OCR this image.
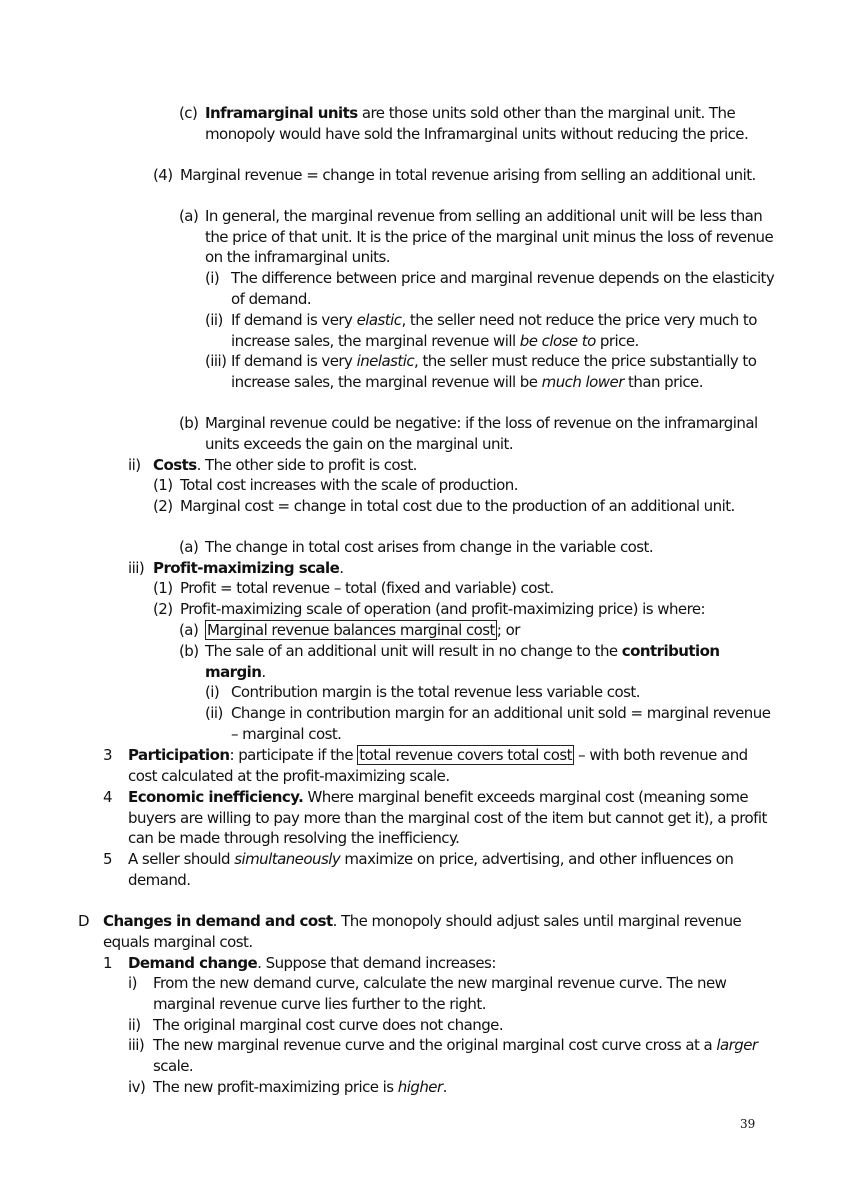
(c) Inframarginal units are those units sold other than the marginal unit. The monopoly would have sold the Inframarginal units without reducing the price.
(4) Marginal revenue = change in total revenue arising from selling an additional unit.
(a) In general, the marginal revenue from selling an additional unit will be less than the price of that unit. It is the price of the marginal unit minus the loss of revenue on the inframarginal units.
(i) The difference between price and marginal revenue depends on the elasticity of demand.
(ii) If demand is very elastic, the seller need not reduce the price very much to increase sales, the marginal revenue will be close to price.
(iii) If demand is very inelastic, the seller must reduce the price substantially to increase sales, the marginal revenue will be much lower than price.
(b) Marginal revenue could be negative: if the loss of revenue on the inframarginal units exceeds the gain on the marginal unit.
ii) Costs. The other side to profit is cost.
(1) Total cost increases with the scale of production.
(2) Marginal cost = change in total cost due to the production of an additional unit.
(a) The change in total cost arises from change in the variable cost.
iii) Profit-maximizing scale.
(1) Profit = total revenue – total (fixed and variable) cost.
(2) Profit-maximizing scale of operation (and profit-maximizing price) is where:
(a) Marginal revenue balances marginal cost ; or
(b) The sale of an additional unit will result in no change to the contribution margin.
(i) Contribution margin is the total revenue less variable cost.
(ii) Change in contribution margin for an additional unit sold = marginal revenue – marginal cost.
3 Participation: participate if the total revenue covers total cost – with both revenue and cost calculated at the profit-maximizing scale.
4 Economic inefficiency. Where marginal benefit exceeds marginal cost (meaning some buyers are willing to pay more than the marginal cost of the item but cannot get it), a profit can be made through resolving the inefficiency.
5 A seller should simultaneously maximize on price, advertising, and other influences on demand.
D Changes in demand and cost. The monopoly should adjust sales until marginal revenue equals marginal cost.
1 Demand change. Suppose that demand increases:
i) From the new demand curve, calculate the new marginal revenue curve. The new marginal revenue curve lies further to the right.
ii) The original marginal cost curve does not change.
iii) The new marginal revenue curve and the original marginal cost curve cross at a larger scale.
iv) The new profit-maximizing price is higher.
39
